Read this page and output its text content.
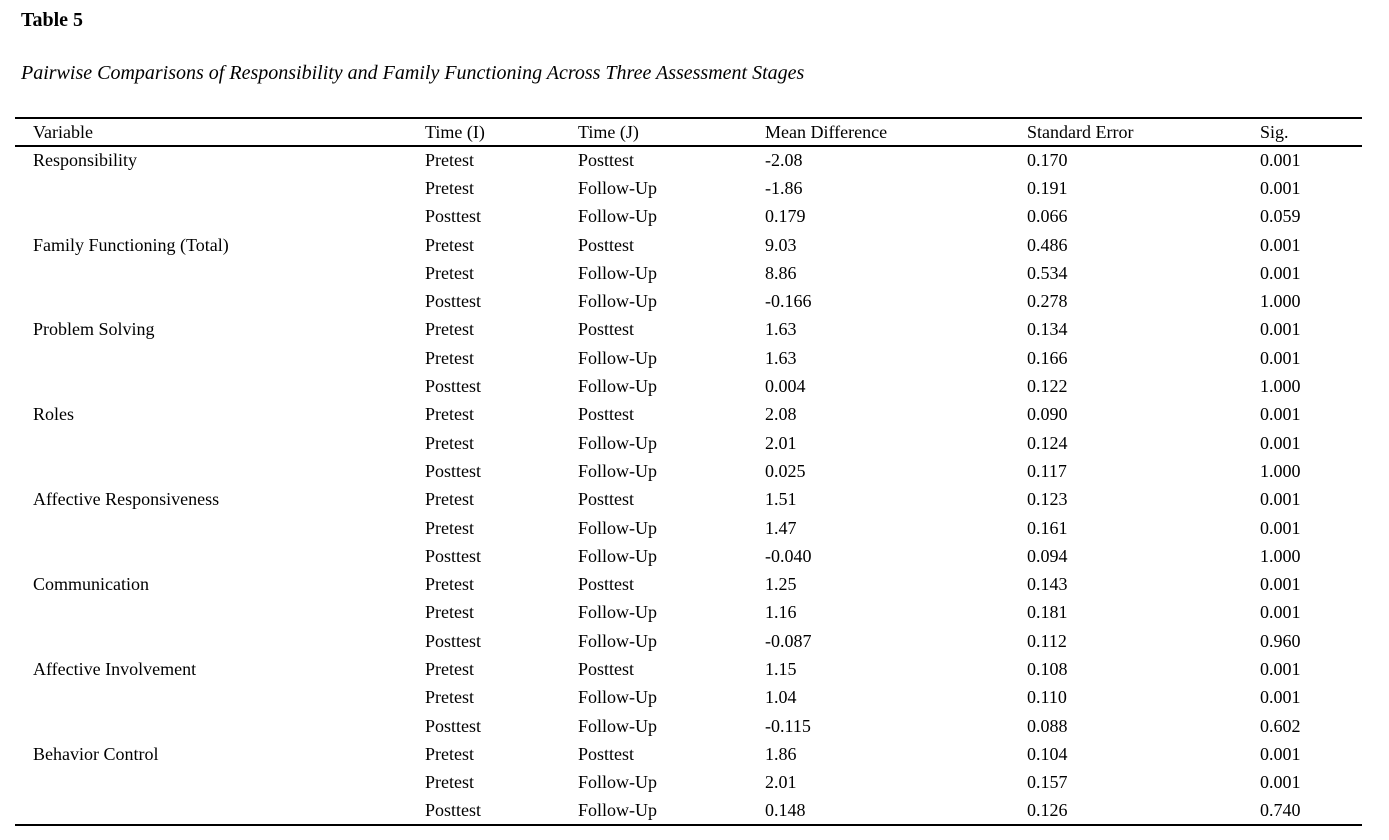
Table 5
Pairwise Comparisons of Responsibility and Family Functioning Across Three Assessment Stages
Variable	Time (I)	Time (J)	Mean Difference	Standard Error	Sig.
Responsibility	Pretest	Posttest	-2.08	0.170	0.001
	Pretest	Follow-Up	-1.86	0.191	0.001
	Posttest	Follow-Up	0.179	0.066	0.059
Family Functioning (Total)	Pretest	Posttest	9.03	0.486	0.001
	Pretest	Follow-Up	8.86	0.534	0.001
	Posttest	Follow-Up	-0.166	0.278	1.000
Problem Solving	Pretest	Posttest	1.63	0.134	0.001
	Pretest	Follow-Up	1.63	0.166	0.001
	Posttest	Follow-Up	0.004	0.122	1.000
Roles	Pretest	Posttest	2.08	0.090	0.001
	Pretest	Follow-Up	2.01	0.124	0.001
	Posttest	Follow-Up	0.025	0.117	1.000
Affective Responsiveness	Pretest	Posttest	1.51	0.123	0.001
	Pretest	Follow-Up	1.47	0.161	0.001
	Posttest	Follow-Up	-0.040	0.094	1.000
Communication	Pretest	Posttest	1.25	0.143	0.001
	Pretest	Follow-Up	1.16	0.181	0.001
	Posttest	Follow-Up	-0.087	0.112	0.960
Affective Involvement	Pretest	Posttest	1.15	0.108	0.001
	Pretest	Follow-Up	1.04	0.110	0.001
	Posttest	Follow-Up	-0.115	0.088	0.602
Behavior Control	Pretest	Posttest	1.86	0.104	0.001
	Pretest	Follow-Up	2.01	0.157	0.001
	Posttest	Follow-Up	0.148	0.126	0.740
